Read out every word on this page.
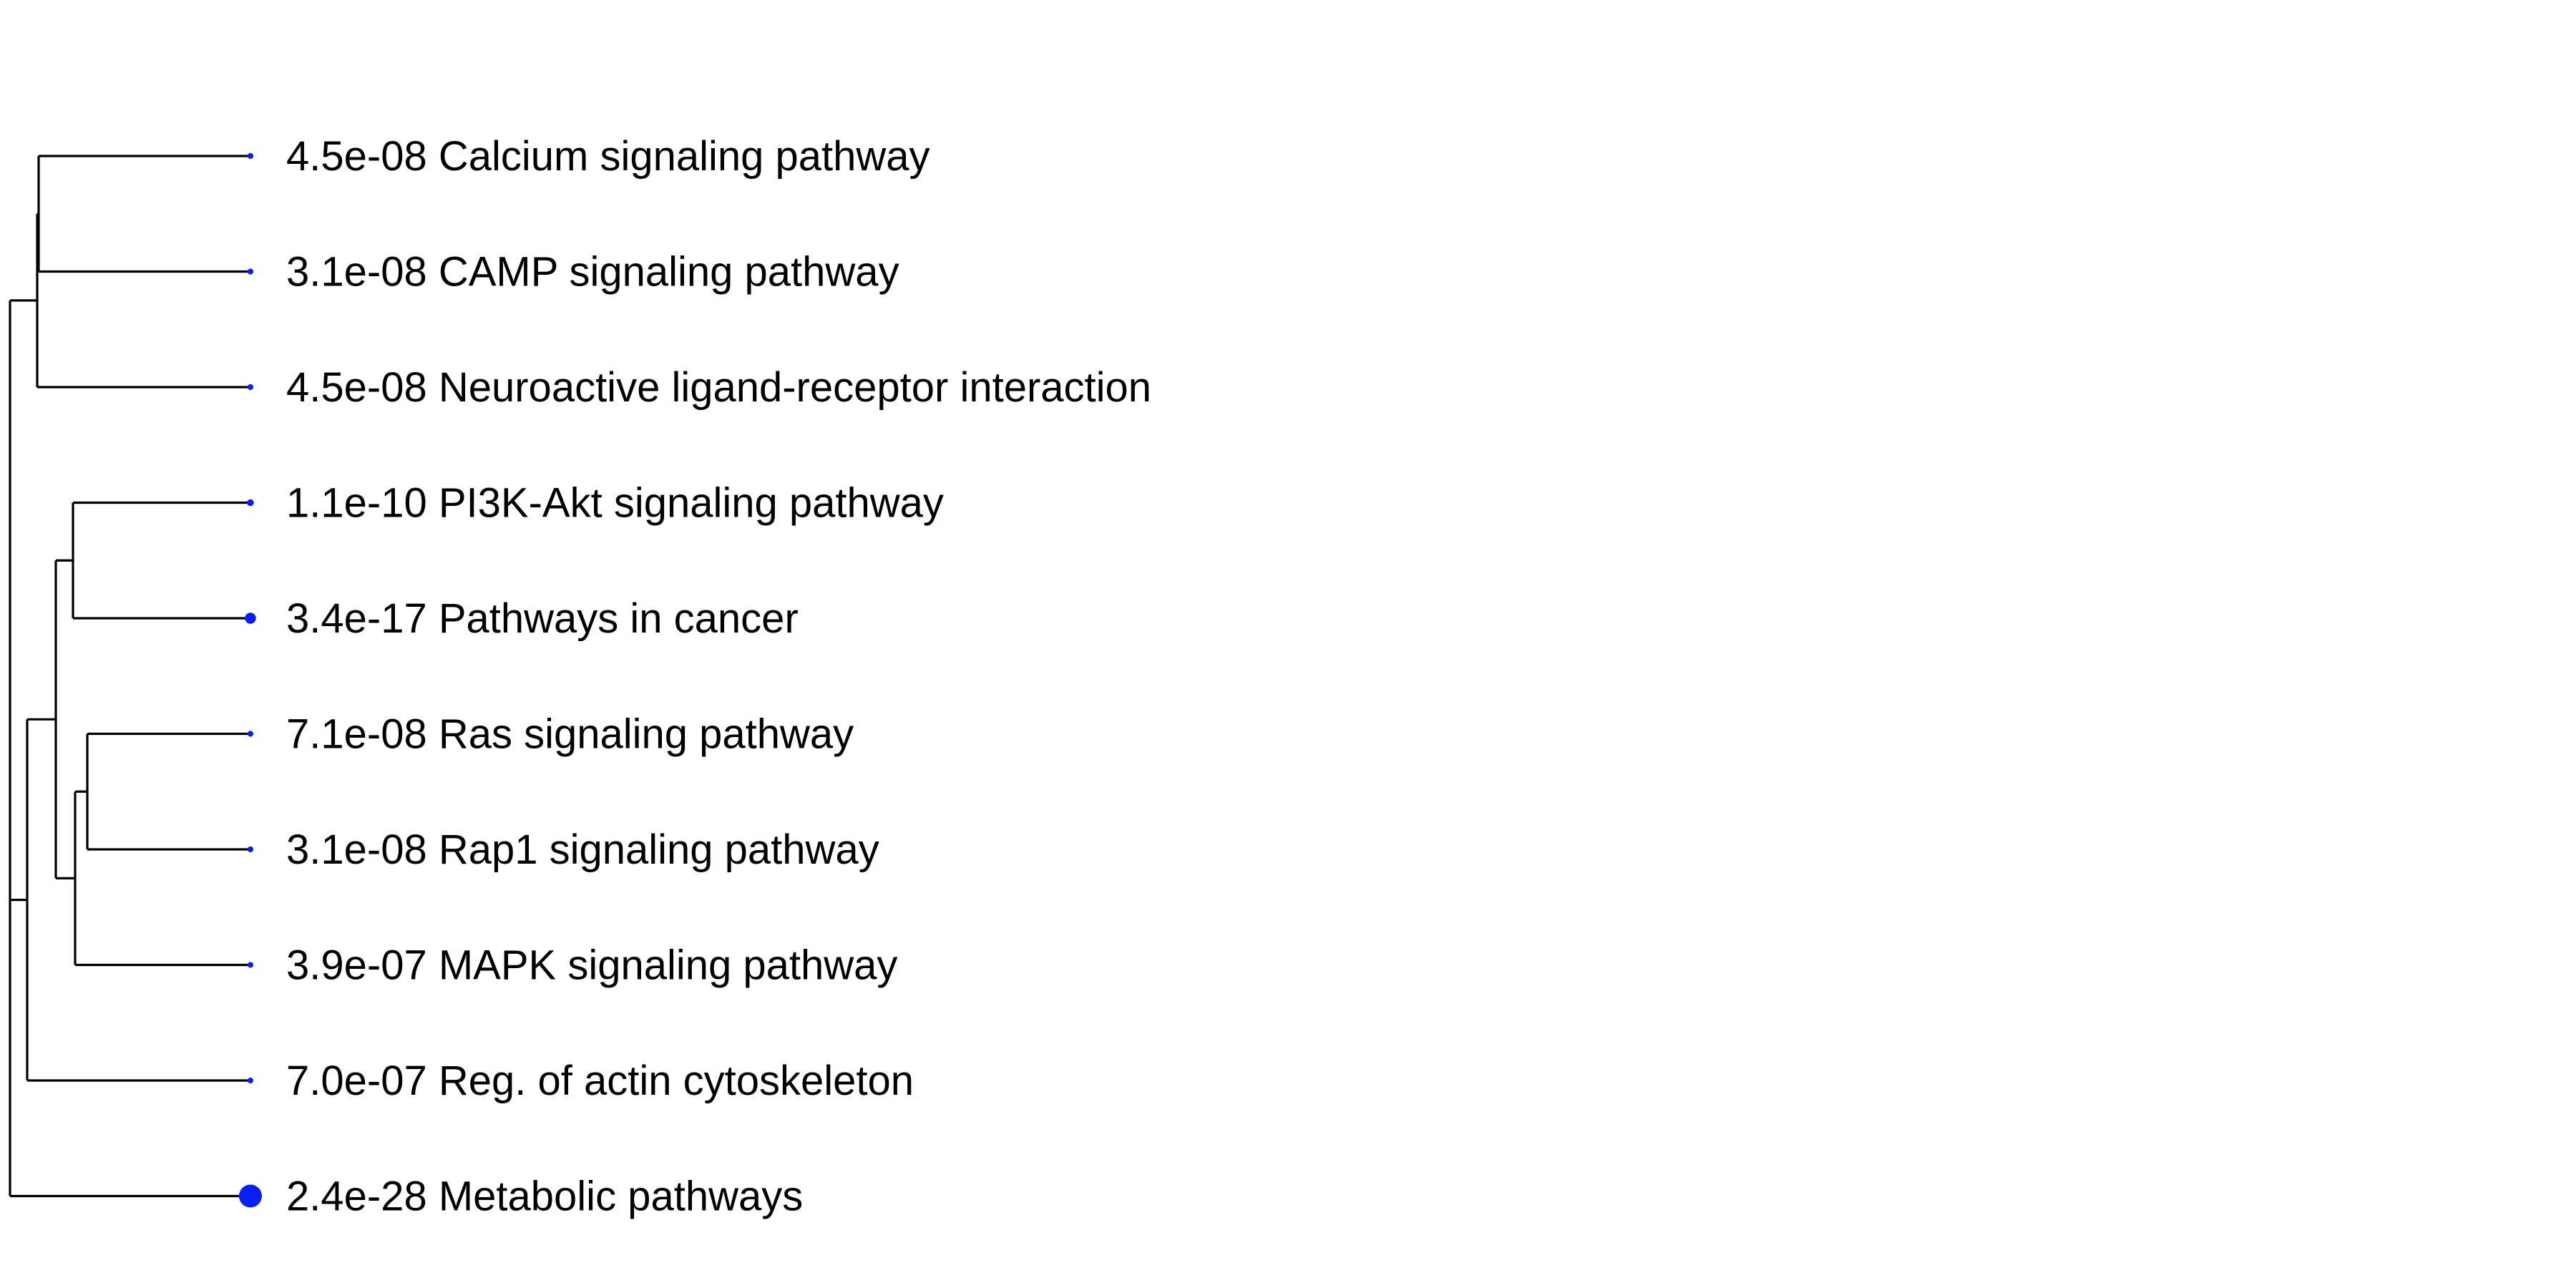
4.5e-08 Calcium signaling pathway
3.1e-08 CAMP signaling pathway
4.5e-08 Neuroactive ligand-receptor interaction
1.1e-10 PI3K-Akt signaling pathway
3.4e-17 Pathways in cancer
7.1e-08 Ras signaling pathway
3.1e-08 Rap1 signaling pathway
3.9e-07 MAPK signaling pathway
7.0e-07 Reg. of actin cytoskeleton
2.4e-28 Metabolic pathways
